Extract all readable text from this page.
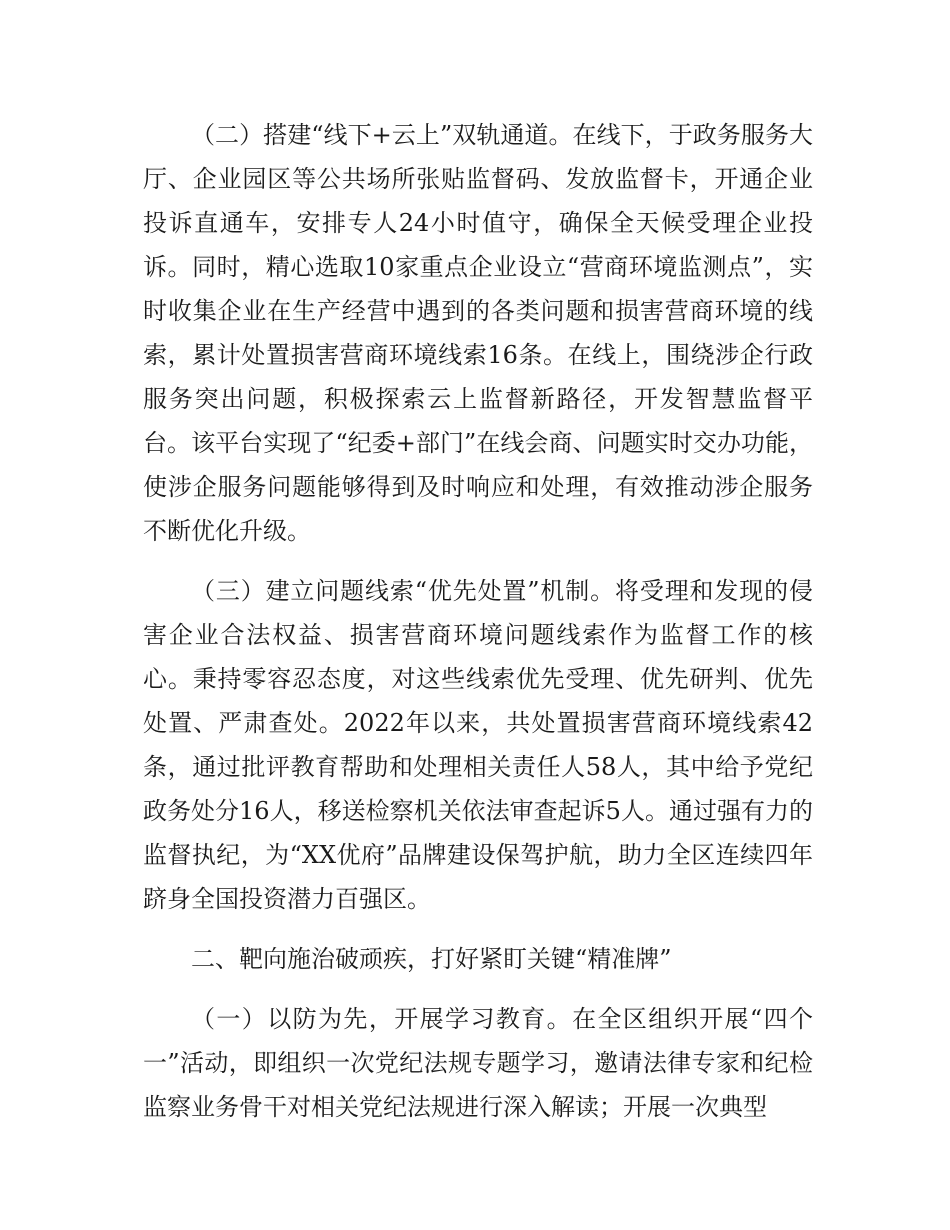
（二）搭建“线下+云上”双轨通道。在线下，于政务服务大厅、企业园区等公共场所张贴监督码、发放监督卡，开通企业投诉直通车，安排专人24小时值守，确保全天候受理企业投诉。同时，精心选取10家重点企业设立“营商环境监测点”，实时收集企业在生产经营中遇到的各类问题和损害营商环境的线索，累计处置损害营商环境线索16条。在线上，围绕涉企行政服务突出问题，积极探索云上监督新路径，开发智慧监督平台。该平台实现了“纪委+部门”在线会商、问题实时交办功能，使涉企服务问题能够得到及时响应和处理，有效推动涉企服务不断优化升级。

（三）建立问题线索“优先处置”机制。将受理和发现的侵害企业合法权益、损害营商环境问题线索作为监督工作的核心。秉持零容忍态度，对这些线索优先受理、优先研判、优先处置、严肃查处。2022年以来，共处置损害营商环境线索42条，通过批评教育帮助和处理相关责任人58人，其中给予党纪政务处分16人，移送检察机关依法审查起诉5人。通过强有力的监督执纪，为“XX优府”品牌建设保驾护航，助力全区连续四年跻身全国投资潜力百强区。

二、靶向施治破顽疾，打好紧盯关键“精准牌”

（一）以防为先，开展学习教育。在全区组织开展“四个一”活动，即组织一次党纪法规专题学习，邀请法律专家和纪检监察业务骨干对相关党纪法规进行深入解读；开展一次典型
